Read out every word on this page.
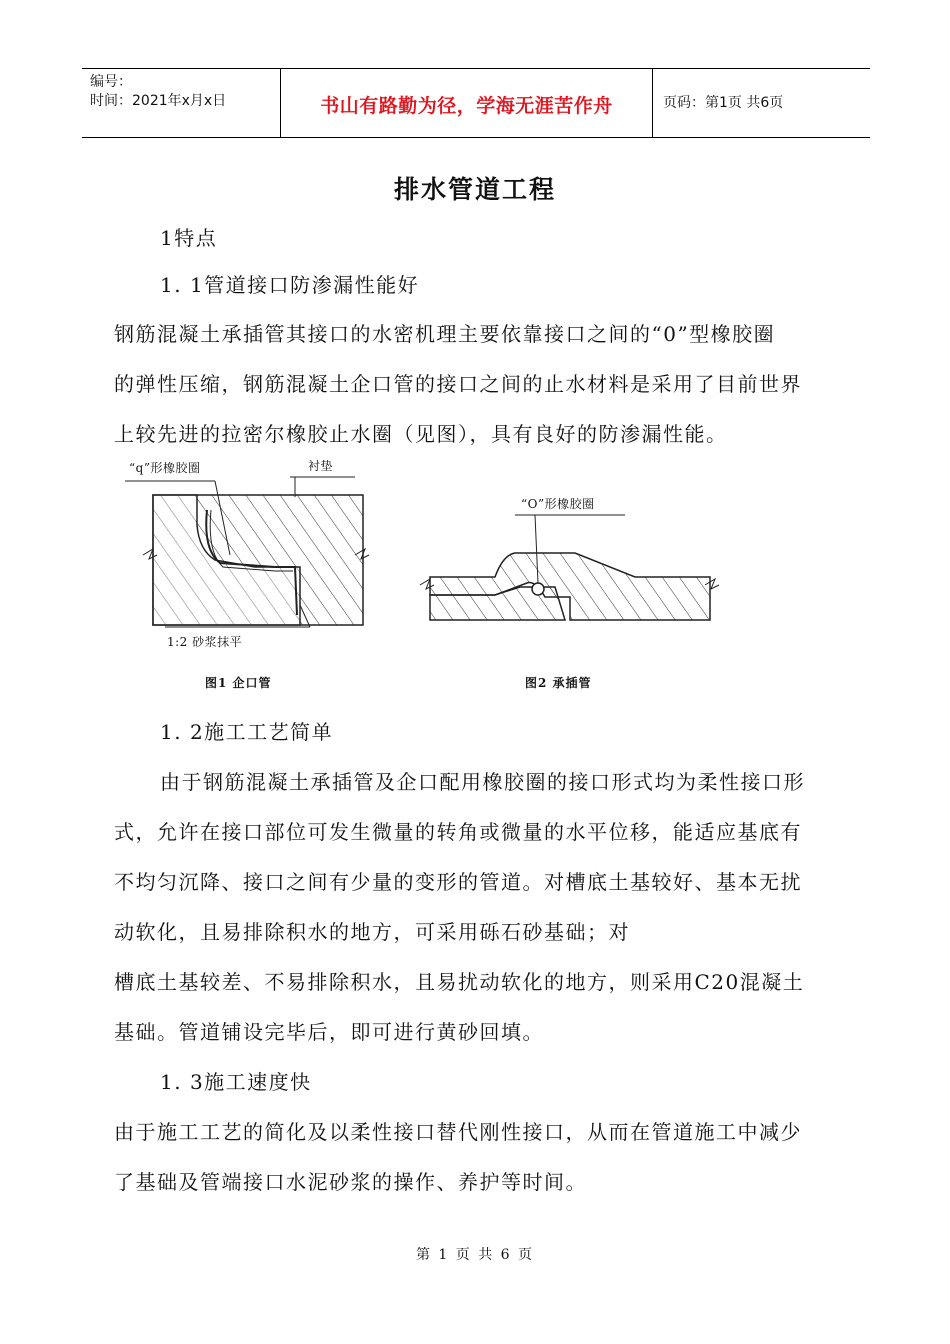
编号：
时间：2021年x月x日	书山有路勤为径，学海无涯苦作舟	页码：第1页 共6页
排水管道工程
1特点
1. 1管道接口防渗漏性能好
钢筋混凝土承插管其接口的水密机理主要依靠接口之间的“0”型橡胶圈
的弹性压缩，钢筋混凝土企口管的接口之间的止水材料是采用了目前世界
上较先进的拉密尔橡胶止水圈（见图），具有良好的防渗漏性能。
“q”形橡胶圈	衬垫
1:2 砂浆抹平
“O”形橡胶圈
图1 企口管	图2 承插管
1. 2施工工艺简单
由于钢筋混凝土承插管及企口配用橡胶圈的接口形式均为柔性接口形
式，允许在接口部位可发生微量的转角或微量的水平位移，能适应基底有
不均匀沉降、接口之间有少量的变形的管道。对槽底土基较好、基本无扰
动软化，且易排除积水的地方，可采用砾石砂基础；对
槽底土基较差、不易排除积水，且易扰动软化的地方，则采用C20混凝土
基础。管道铺设完毕后，即可进行黄砂回填。
1. 3施工速度快
由于施工工艺的简化及以柔性接口替代刚性接口，从而在管道施工中减少
了基础及管端接口水泥砂浆的操作、养护等时间。
第 1 页 共 6 页
